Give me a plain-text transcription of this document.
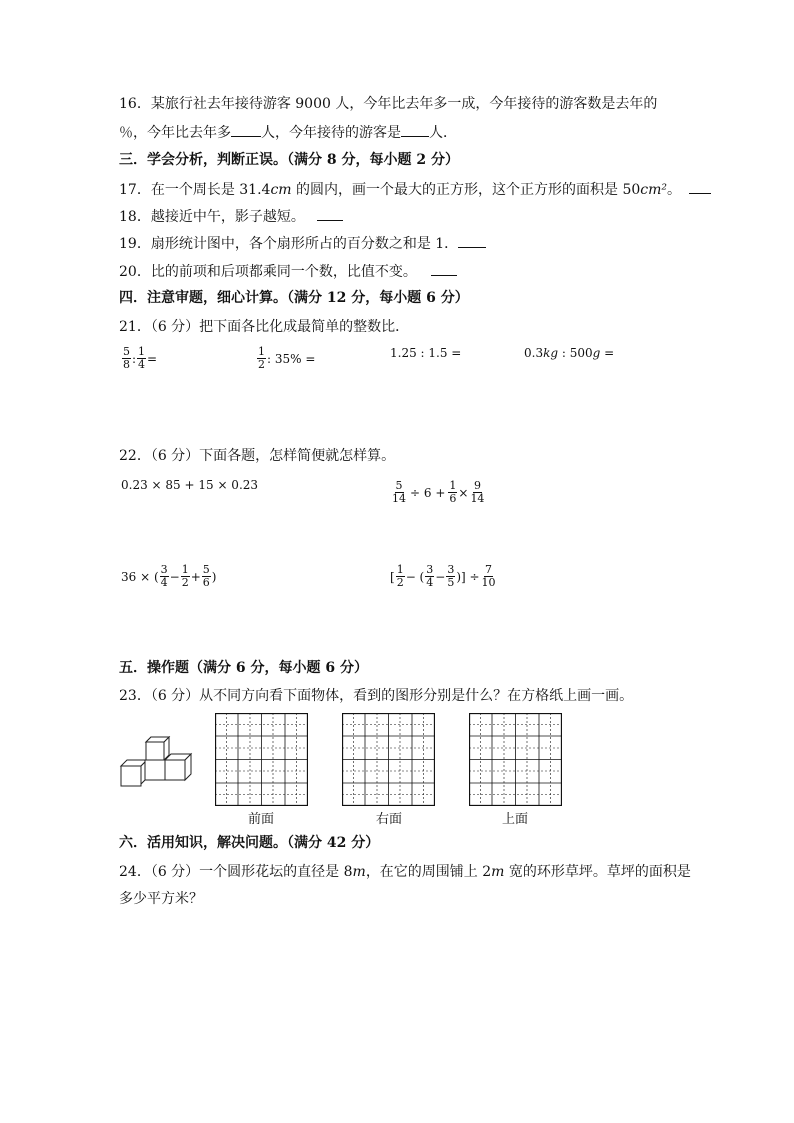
16．某旅行社去年接待游客 9000 人，今年比去年多一成，今年接待的游客数是去年的
％，今年比去年多 人，今年接待的游客是 人．
三．学会分析，判断正误。（满分 8 分，每小题 2 分）
17．在一个周长是 31.4cm 的圆内，画一个最大的正方形，这个正方形的面积是 50cm²。
18．越接近中午，影子越短。
19．扇形统计图中，各个扇形所占的百分数之和是 1．
20．比的前项和后项都乘同一个数，比值不变。
四．注意审题，细心计算。（满分 12 分，每小题 6 分）
21．（6 分）把下面各比化成最简单的整数比．
$\frac{5}{8}$ : $\frac{1}{4}$ =	$\frac{1}{2}$ : 35% =	1.25 : 1.5 =	0.3 kg : 500 g =
22．（6 分）下面各题，怎样简便就怎样算。
0.23 × 85 + 15 × 0.23	$\frac{5}{14} \div 6 + \frac{1}{6} \times \frac{9}{14}$
36 × ( $\frac{3}{4} - \frac{1}{2} + \frac{5}{6}$ )	[ $\frac{1}{2}$ − ( $\frac{3}{4} - \frac{3}{5}$ )] ÷ $\frac{7}{10}$
五．操作题（满分 6 分，每小题 6 分）
23．（6 分）从不同方向看下面物体，看到的图形分别是什么？在方格纸上画一画。
前面	右面	上面
六．活用知识，解决问题。（满分 42 分）
24．（6 分）一个圆形花坛的直径是 8m，在它的周围铺上 2m 宽的环形草坪。草坪的面积是
多少平方米？
